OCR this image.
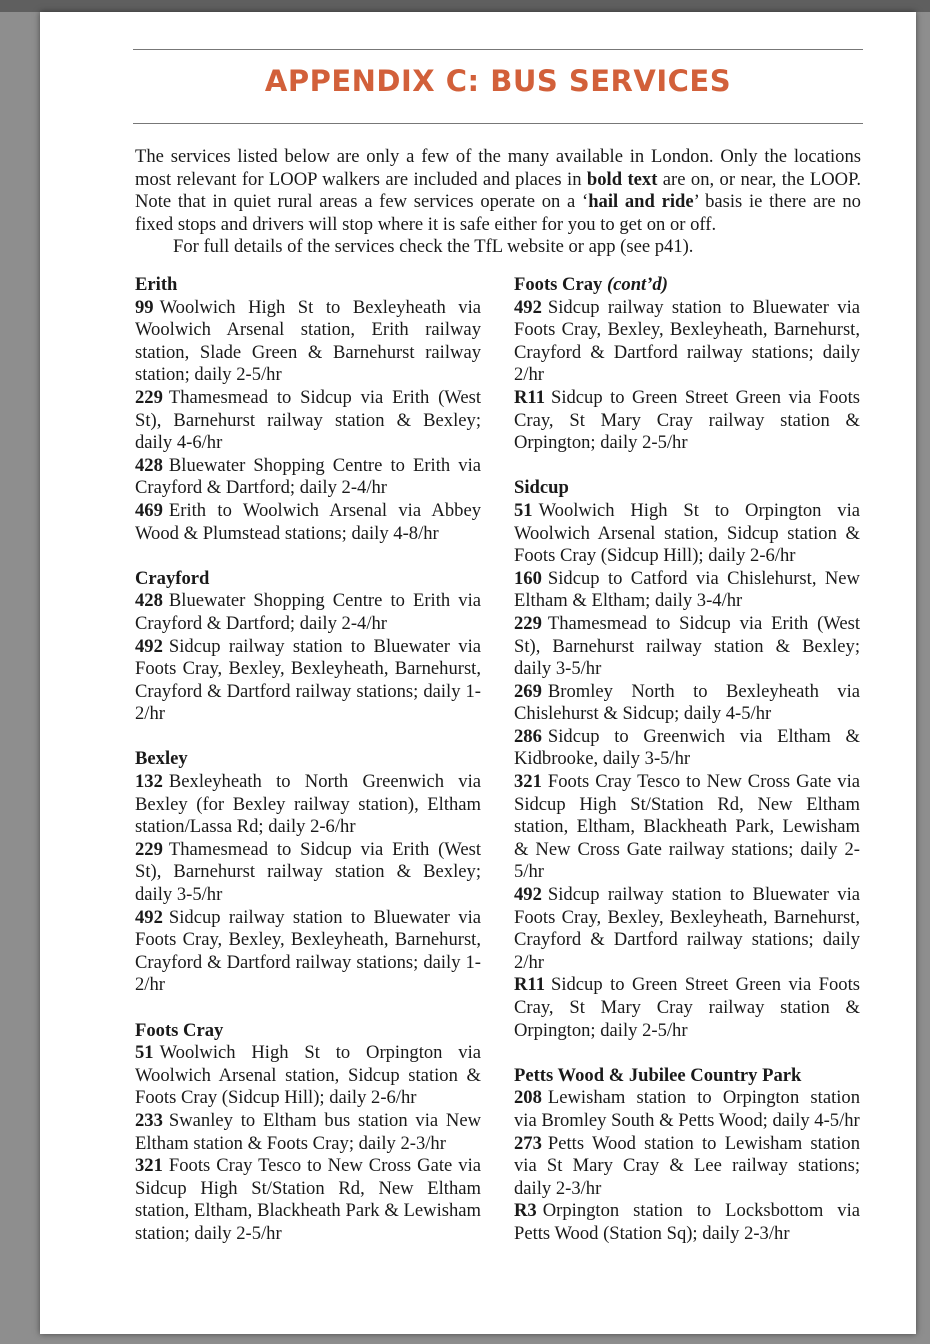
APPENDIX C: BUS SERVICES

The services listed below are only a few of the many available in London. Only the locations most relevant for LOOP walkers are included and places in bold text are on, or near, the LOOP. Note that in quiet rural areas a few services operate on a ‘hail and ride’ basis ie there are no fixed stops and drivers will stop where it is safe either for you to get on or off.

For full details of the services check the TfL website or app (see p41).

Erith
99 Woolwich High St to Bexleyheath via Woolwich Arsenal station, Erith railway station, Slade Green & Barnehurst railway station; daily 2-5/hr
229 Thamesmead to Sidcup via Erith (West St), Barnehurst railway station & Bexley; daily 4-6/hr
428 Bluewater Shopping Centre to Erith via Crayford & Dartford; daily 2-4/hr
469 Erith to Woolwich Arsenal via Abbey Wood & Plumstead stations; daily 4-8/hr
Crayford
428 Bluewater Shopping Centre to Erith via Crayford & Dartford; daily 2-4/hr
492 Sidcup railway station to Bluewater via Foots Cray, Bexley, Bexleyheath, Barnehurst, Crayford & Dartford railway stations; daily 1-2/hr
Bexley
132 Bexleyheath to North Greenwich via Bexley (for Bexley railway station), Eltham station/Lassa Rd; daily 2-6/hr
229 Thamesmead to Sidcup via Erith (West St), Barnehurst railway station & Bexley; daily 3-5/hr
492 Sidcup railway station to Bluewater via Foots Cray, Bexley, Bexleyheath, Barnehurst, Crayford & Dartford railway stations; daily 1-2/hr
Foots Cray
51 Woolwich High St to Orpington via Woolwich Arsenal station, Sidcup station & Foots Cray (Sidcup Hill); daily 2-6/hr
233 Swanley to Eltham bus station via New Eltham station & Foots Cray; daily 2-3/hr
321 Foots Cray Tesco to New Cross Gate via Sidcup High St/Station Rd, New Eltham station, Eltham, Blackheath Park & Lewisham station; daily 2-5/hr
Foots Cray (cont’d)
492 Sidcup railway station to Bluewater via Foots Cray, Bexley, Bexleyheath, Barnehurst, Crayford & Dartford railway stations; daily 2/hr
R11 Sidcup to Green Street Green via Foots Cray, St Mary Cray railway station & Orpington; daily 2-5/hr
Sidcup
51 Woolwich High St to Orpington via Woolwich Arsenal station, Sidcup station & Foots Cray (Sidcup Hill); daily 2-6/hr
160 Sidcup to Catford via Chislehurst, New Eltham & Eltham; daily 3-4/hr
229 Thamesmead to Sidcup via Erith (West St), Barnehurst railway station & Bexley; daily 3-5/hr
269 Bromley North to Bexleyheath via Chislehurst & Sidcup; daily 4-5/hr
286 Sidcup to Greenwich via Eltham & Kidbrooke, daily 3-5/hr
321 Foots Cray Tesco to New Cross Gate via Sidcup High St/Station Rd, New Eltham station, Eltham, Blackheath Park, Lewisham & New Cross Gate railway stations; daily 2-5/hr
492 Sidcup railway station to Bluewater via Foots Cray, Bexley, Bexleyheath, Barnehurst, Crayford & Dartford railway stations; daily 2/hr
R11 Sidcup to Green Street Green via Foots Cray, St Mary Cray railway station & Orpington; daily 2-5/hr
Petts Wood & Jubilee Country Park
208 Lewisham station to Orpington station via Bromley South & Petts Wood; daily 4-5/hr
273 Petts Wood station to Lewisham station via St Mary Cray & Lee railway stations; daily 2-3/hr
R3 Orpington station to Locksbottom via Petts Wood (Station Sq); daily 2-3/hr
